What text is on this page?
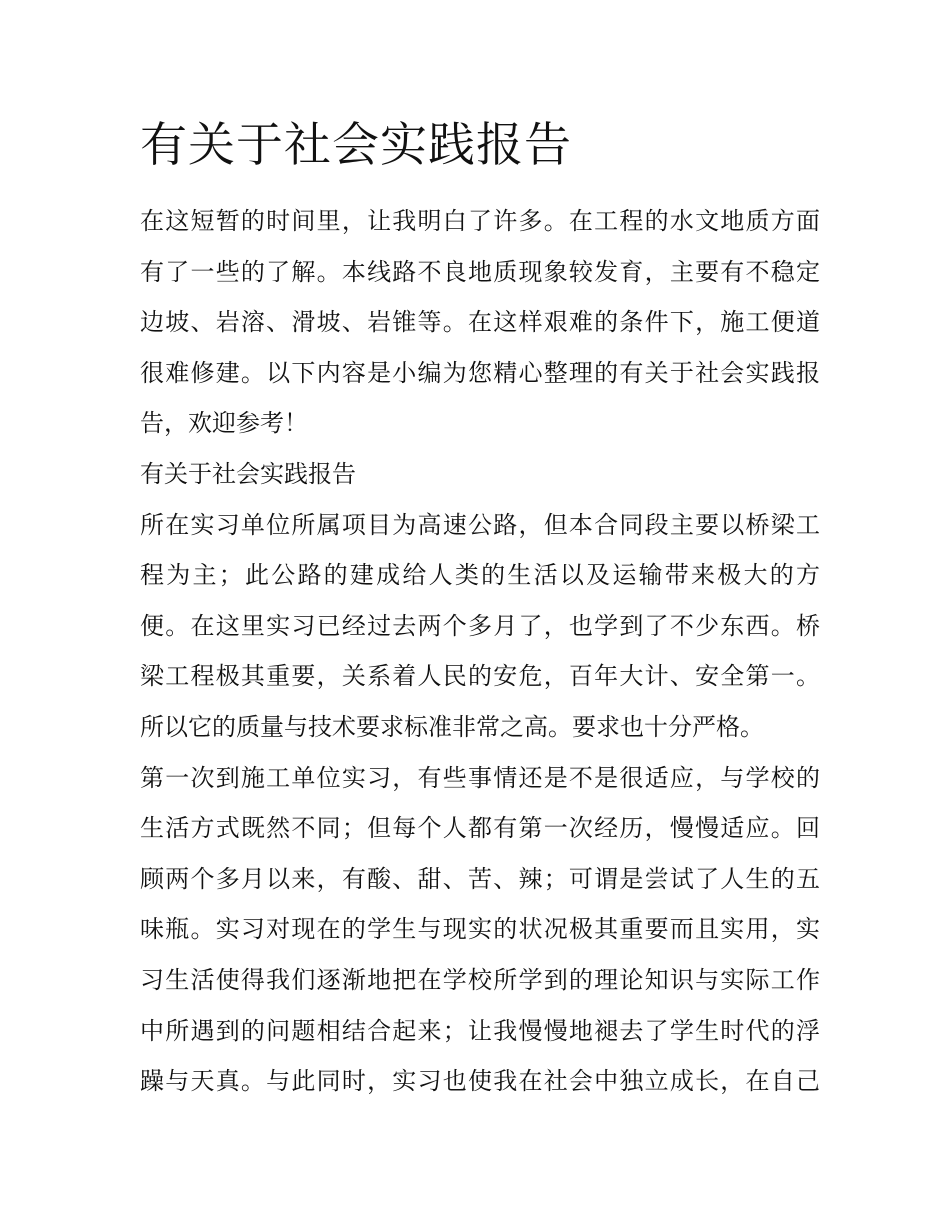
有关于社会实践报告
在这短暂的时间里，让我明白了许多。在工程的水文地质方面
有了一些的了解。本线路不良地质现象较发育，主要有不稳定
边坡、岩溶、滑坡、岩锥等。在这样艰难的条件下，施工便道
很难修建。以下内容是小编为您精心整理的有关于社会实践报
告，欢迎参考！
有关于社会实践报告
所在实习单位所属项目为高速公路，但本合同段主要以桥梁工
程为主；此公路的建成给人类的生活以及运输带来极大的方
便。在这里实习已经过去两个多月了，也学到了不少东西。桥
梁工程极其重要，关系着人民的安危，百年大计、安全第一。
所以它的质量与技术要求标准非常之高。要求也十分严格。
第一次到施工单位实习，有些事情还是不是很适应，与学校的
生活方式既然不同；但每个人都有第一次经历，慢慢适应。回
顾两个多月以来，有酸、甜、苦、辣；可谓是尝试了人生的五
味瓶。实习对现在的学生与现实的状况极其重要而且实用，实
习生活使得我们逐渐地把在学校所学到的理论知识与实际工作
中所遇到的问题相结合起来；让我慢慢地褪去了学生时代的浮
躁与天真。与此同时，实习也使我在社会中独立成长，在自己
